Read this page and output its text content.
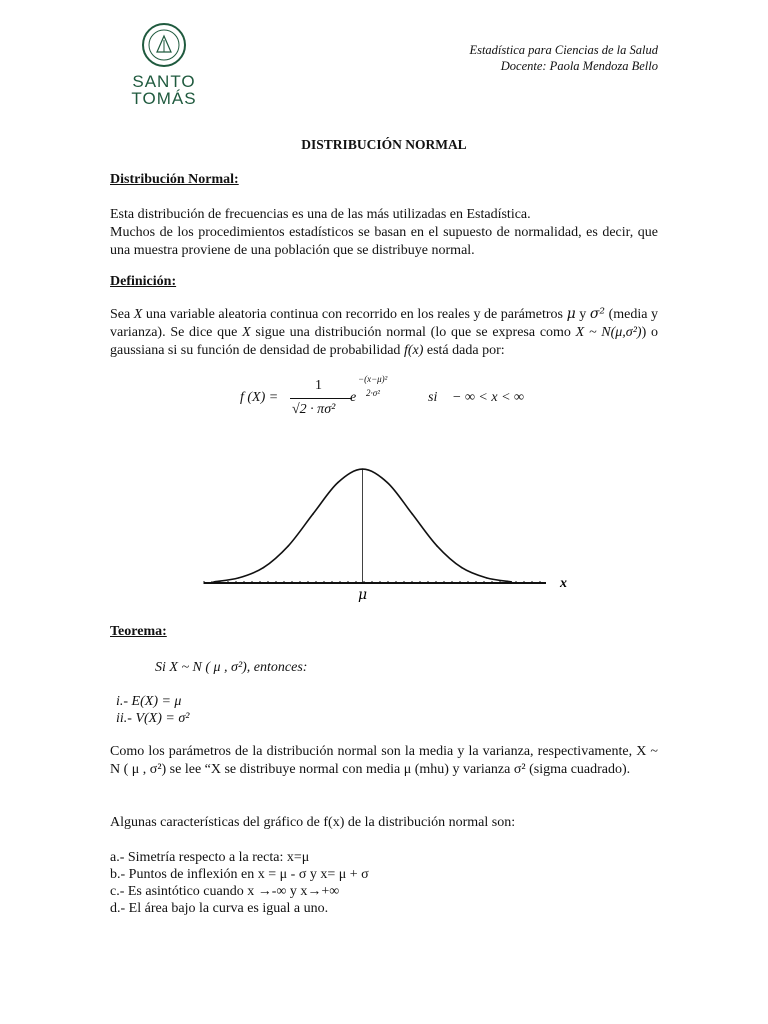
SANTO
TOMÁS
Estadística para Ciencias de la Salud
Docente: Paola Mendoza Bello
DISTRIBUCIÓN NORMAL
Distribución Normal:
Esta distribución de frecuencias es una de las más utilizadas en Estadística.
Muchos de los procedimientos estadísticos se basan en el supuesto de normalidad, es decir, que una muestra proviene de una población que se distribuye normal.
Definición:
Sea X una variable aleatoria continua con recorrido en los reales y de parámetros μ y σ² (media y varianza). Se dice que X sigue una distribución normal (lo que se expresa como X ~ N(μ,σ²)) o gaussiana si su función de densidad de probabilidad f(x) está dada por:
f (X) =
1
√2 · πσ²
e
−(x−μ)²
2·σ²	si − ∞ < x < ∞
μ
x
Teorema:
Si X ~ N ( μ , σ²), entonces:
i.- E(X) = μ
ii.- V(X) = σ²
Como los parámetros de la distribución normal son la media y la varianza, respectivamente, X ~ N ( μ , σ²) se lee “X se distribuye normal con media μ (mhu) y varianza σ² (sigma cuadrado).
Algunas características del gráfico de f(x) de la distribución normal son:
a.- Simetría respecto a la recta: x=μ
b.- Puntos de inflexión en x = μ - σ y x= μ + σ
c.- Es asintótico cuando x →-∞ y x→+∞
d.- El área bajo la curva es igual a uno.
